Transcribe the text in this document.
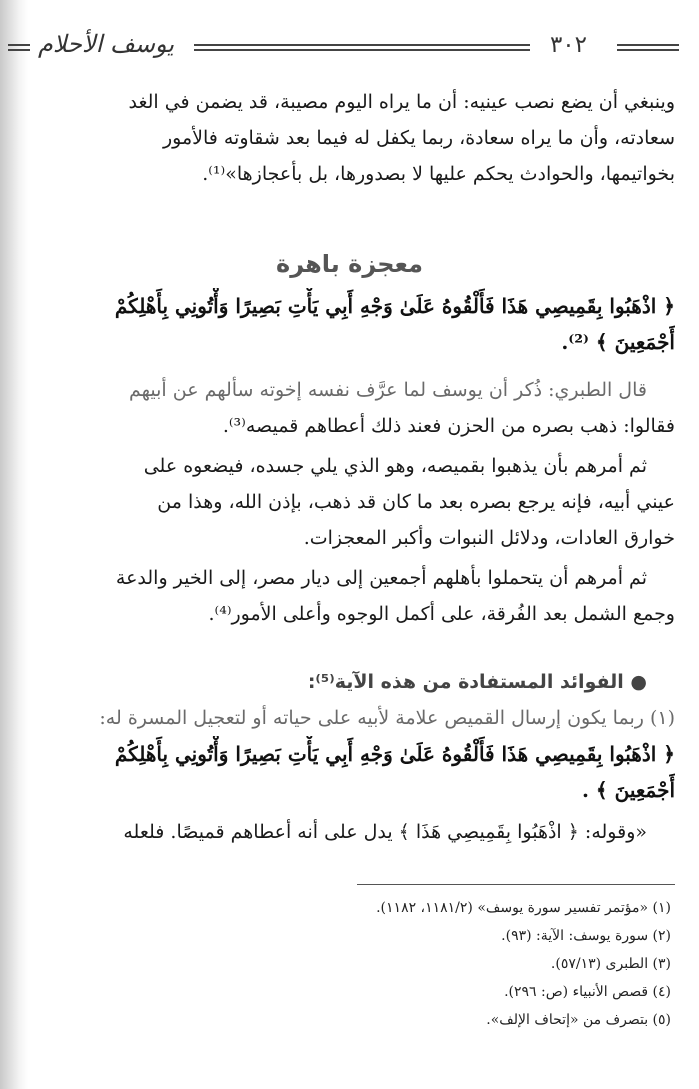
يوسف الأحلام	٣٠٢
وينبغي أن يضع نصب عينيه: أن ما يراه اليوم مصيبة، قد يضمن في الغد
سعادته، وأن ما يراه سعادة، ربما يكفل له فيما بعد شقاوته فالأمور
بخواتيمها، والحوادث يحكم عليها لا بصدورها، بل بأعجازها»⁽¹⁾.
معجزة باهرة
﴿ اذْهَبُوا بِقَمِيصِي هَذَا فَأَلْقُوهُ عَلَىٰ وَجْهِ أَبِي يَأْتِ بَصِيرًا وَأْتُونِي بِأَهْلِكُمْ
أَجْمَعِينَ ﴾ ⁽²⁾.
قال الطبري: ذُكر أن يوسف لما عرَّف نفسه إخوته سألهم عن أبيهم
فقالوا: ذهب بصره من الحزن فعند ذلك أعطاهم قميصه⁽³⁾.
ثم أمرهم بأن يذهبوا بقميصه، وهو الذي يلي جسده، فيضعوه على
عيني أبيه، فإنه يرجع بصره بعد ما كان قد ذهب، بإذن الله، وهذا من
خوارق العادات، ودلائل النبوات وأكبر المعجزات.
ثم أمرهم أن يتحملوا بأهلهم أجمعين إلى ديار مصر، إلى الخير والدعة
وجمع الشمل بعد الفُرقة، على أكمل الوجوه وأعلى الأمور⁽⁴⁾.
● الفوائد المستفادة من هذه الآية⁽⁵⁾:
(١) ربما يكون إرسال القميص علامة لأبيه على حياته أو لتعجيل المسرة له:
﴿ اذْهَبُوا بِقَمِيصِي هَذَا فَأَلْقُوهُ عَلَىٰ وَجْهِ أَبِي يَأْتِ بَصِيرًا وَأْتُونِي بِأَهْلِكُمْ
أَجْمَعِينَ ﴾ .
«وقوله: ﴿ اذْهَبُوا بِقَمِيصِي هَذَا ﴾ يدل على أنه أعطاهم قميصًا. فلعله
(١) «مؤتمر تفسير سورة يوسف» (١١٨١/٢، ١١٨٢).
(٢) سورة يوسف: الآية: (٩٣).
(٣) الطبرى (٥٧/١٣).
(٤) قصص الأنبياء (ص: ٢٩٦).
(٥) بتصرف من «إتحاف الإلف».
